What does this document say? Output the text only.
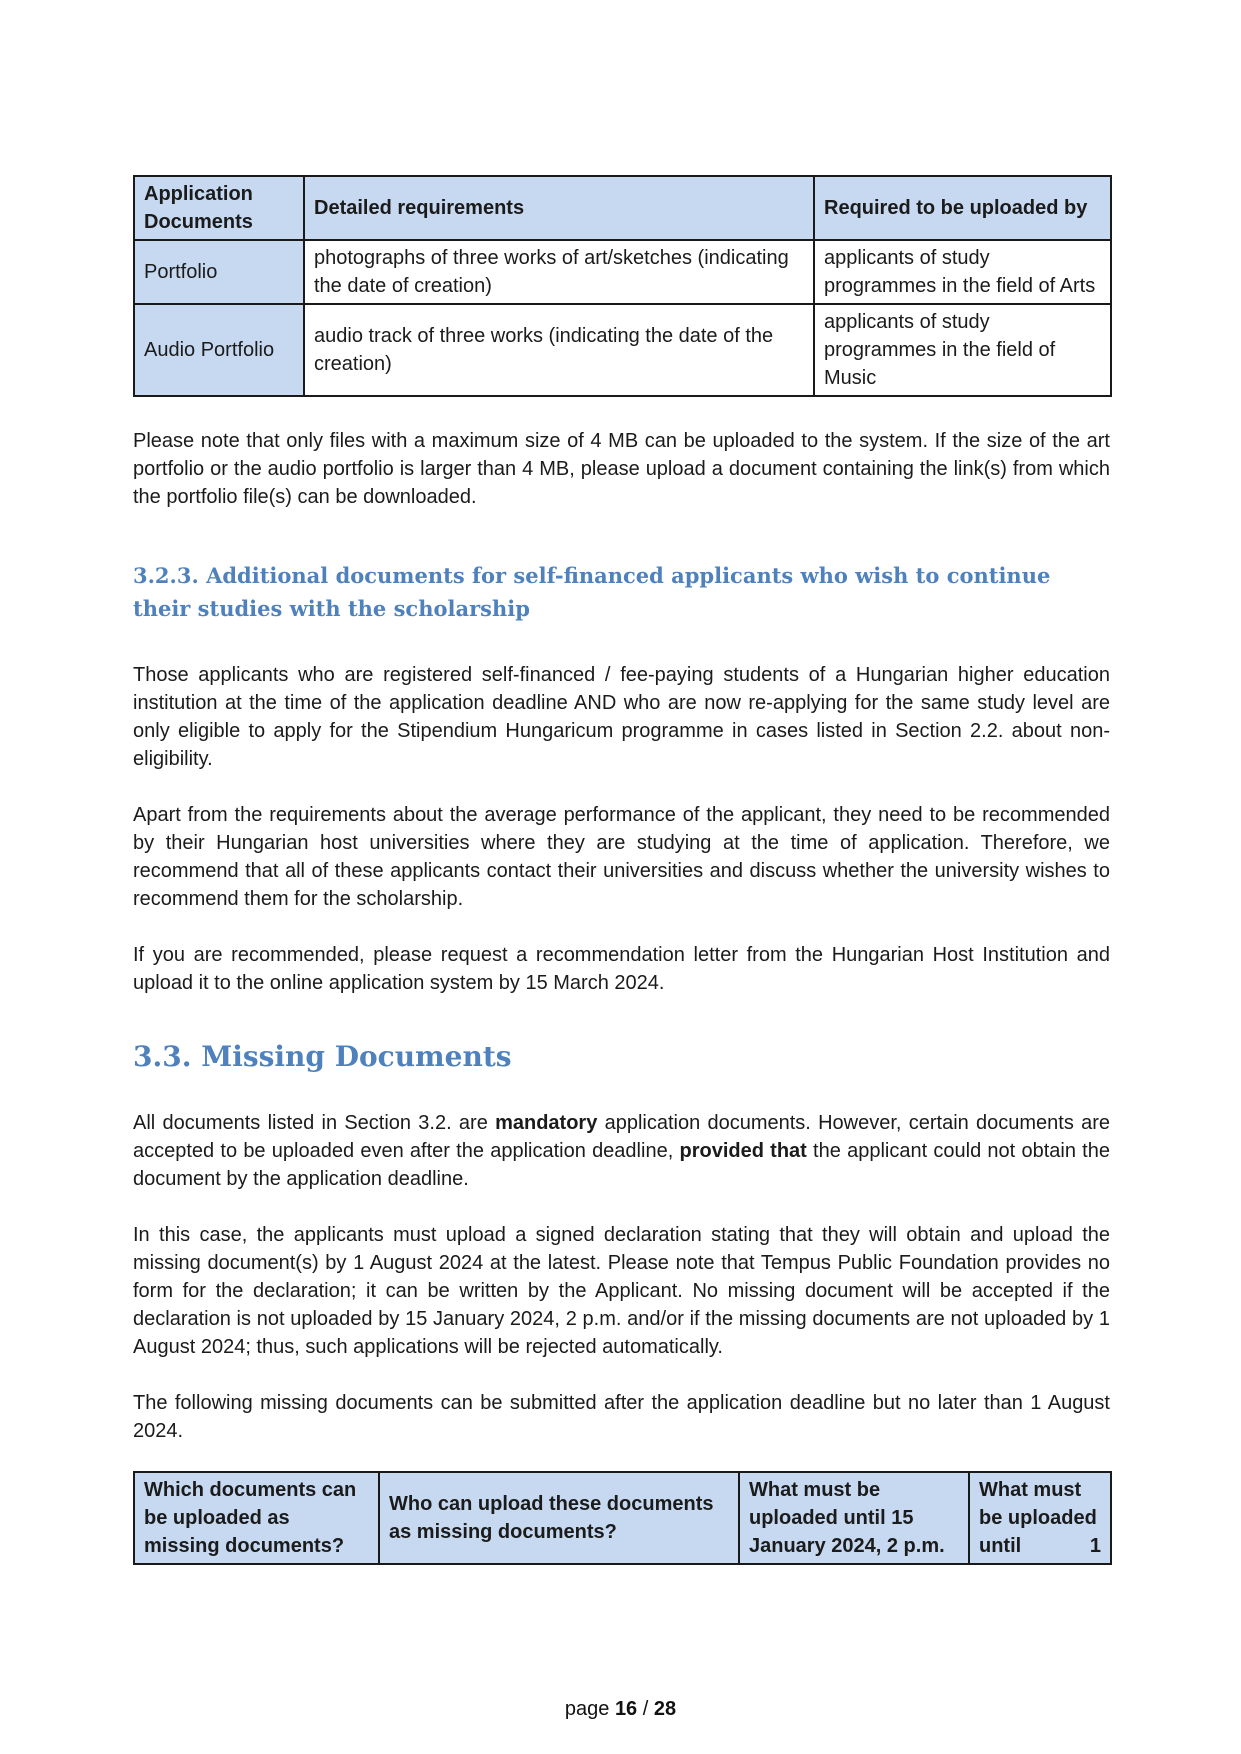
Application Documents	Detailed requirements	Required to be uploaded by
Portfolio	photographs of three works of art/sketches (indicating the date of creation)	applicants of study programmes in the field of Arts
Audio Portfolio	audio track of three works (indicating the date of the creation)	applicants of study programmes in the field of Music

Please note that only files with a maximum size of 4 MB can be uploaded to the system. If the size of the art portfolio or the audio portfolio is larger than 4 MB, please upload a document containing the link(s) from which the portfolio file(s) can be downloaded.

3.2.3. Additional documents for self-financed applicants who wish to continue their studies with the scholarship

Those applicants who are registered self-financed / fee-paying students of a Hungarian higher education institution at the time of the application deadline AND who are now re-applying for the same study level are only eligible to apply for the Stipendium Hungaricum programme in cases listed in Section 2.2. about non-eligibility.

Apart from the requirements about the average performance of the applicant, they need to be recommended by their Hungarian host universities where they are studying at the time of application. Therefore, we recommend that all of these applicants contact their universities and discuss whether the university wishes to recommend them for the scholarship.

If you are recommended, please request a recommendation letter from the Hungarian Host Institution and upload it to the online application system by 15 March 2024.

3.3. Missing Documents

All documents listed in Section 3.2. are mandatory application documents. However, certain documents are accepted to be uploaded even after the application deadline, provided that the applicant could not obtain the document by the application deadline.

In this case, the applicants must upload a signed declaration stating that they will obtain and upload the missing document(s) by 1 August 2024 at the latest. Please note that Tempus Public Foundation provides no form for the declaration; it can be written by the Applicant. No missing document will be accepted if the declaration is not uploaded by 15 January 2024, 2 p.m. and/or if the missing documents are not uploaded by 1 August 2024; thus, such applications will be rejected automatically.

The following missing documents can be submitted after the application deadline but no later than 1 August 2024.

Which documents can be uploaded as missing documents?	Who can upload these documents as missing documents?	What must be uploaded until 15 January 2024, 2 p.m.	What must be uploaded until 1
page 16 / 28
